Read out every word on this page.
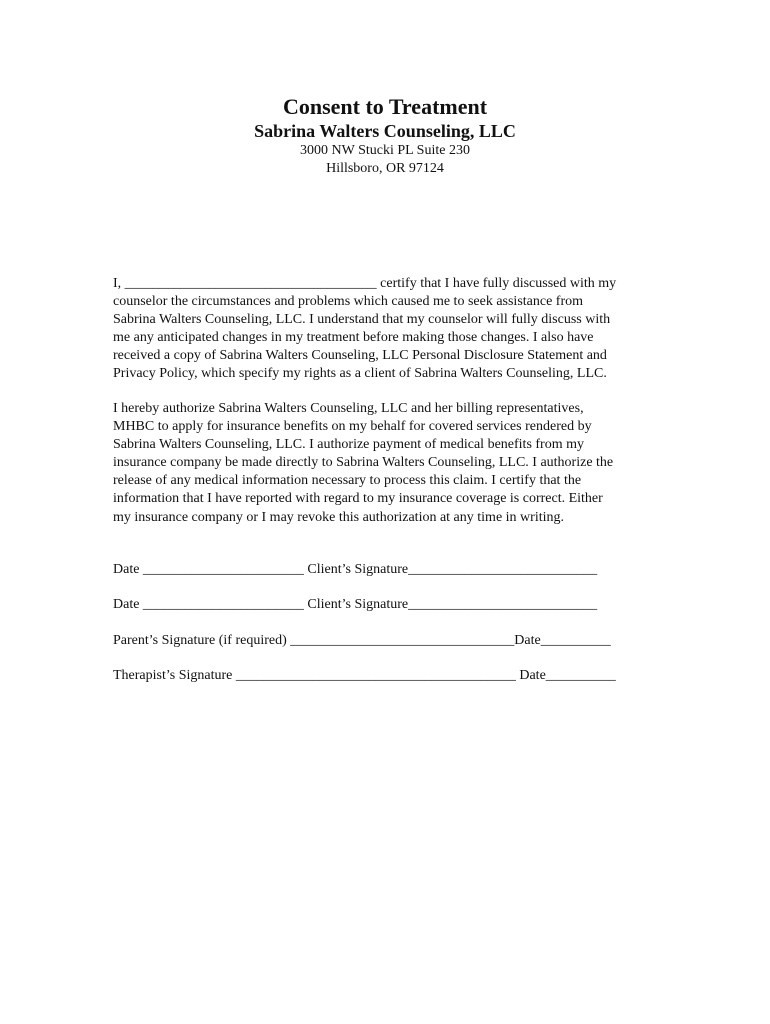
Consent to Treatment
Sabrina Walters Counseling, LLC
3000 NW Stucki PL Suite 230
Hillsboro, OR 97124
I, ____________________________________ certify that I have fully discussed with my
counselor the circumstances and problems which caused me to seek assistance from
Sabrina Walters Counseling, LLC. I understand that my counselor will fully discuss with
me any anticipated changes in my treatment before making those changes. I also have
received a copy of Sabrina Walters Counseling, LLC Personal Disclosure Statement and
Privacy Policy, which specify my rights as a client of Sabrina Walters Counseling, LLC.
I hereby authorize Sabrina Walters Counseling, LLC and her billing representatives,
MHBC to apply for insurance benefits on my behalf for covered services rendered by
Sabrina Walters Counseling, LLC. I authorize payment of medical benefits from my
insurance company be made directly to Sabrina Walters Counseling, LLC. I authorize the
release of any medical information necessary to process this claim. I certify that the
information that I have reported with regard to my insurance coverage is correct. Either
my insurance company or I may revoke this authorization at any time in writing.
Date _______________________ Client’s Signature___________________________
Date _______________________ Client’s Signature___________________________
Parent’s Signature (if required) ________________________________Date__________
Therapist’s Signature ________________________________________ Date__________
